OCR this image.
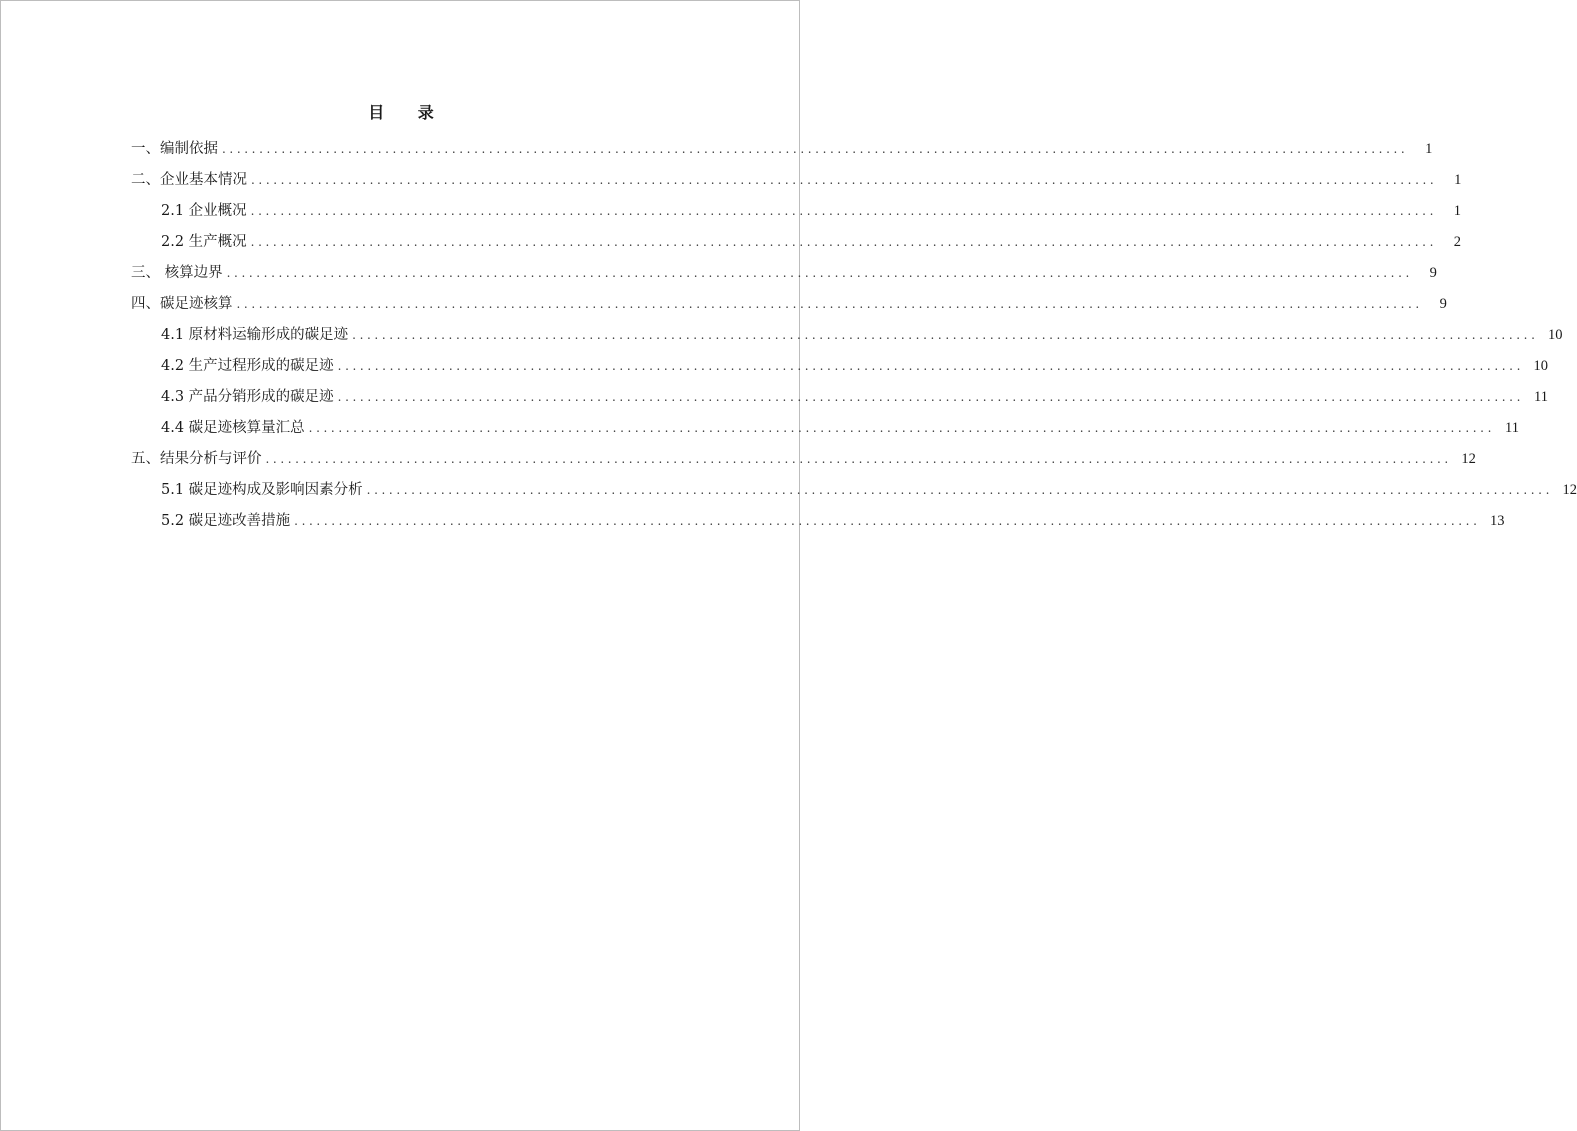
目 录
一、编制依据 ................................................................................................................................................................	1
二、企业基本情况 ................................................................................................................................................................	1
2.1 企业概况 ................................................................................................................................................................	1
2.2 生产概况 ................................................................................................................................................................	2
三、 核算边界 ................................................................................................................................................................	9
四、碳足迹核算 ................................................................................................................................................................	9
4.1 原材料运输形成的碳足迹 ................................................................................................................................................................ 10
4.2 生产过程形成的碳足迹 ................................................................................................................................................................ 10
4.3 产品分销形成的碳足迹 ................................................................................................................................................................ 11
4.4 碳足迹核算量汇总 ................................................................................................................................................................ 11
五、结果分析与评价 ................................................................................................................................................................ 12
5.1 碳足迹构成及影响因素分析 ................................................................................................................................................................ 12
5.2 碳足迹改善措施 ................................................................................................................................................................ 13
